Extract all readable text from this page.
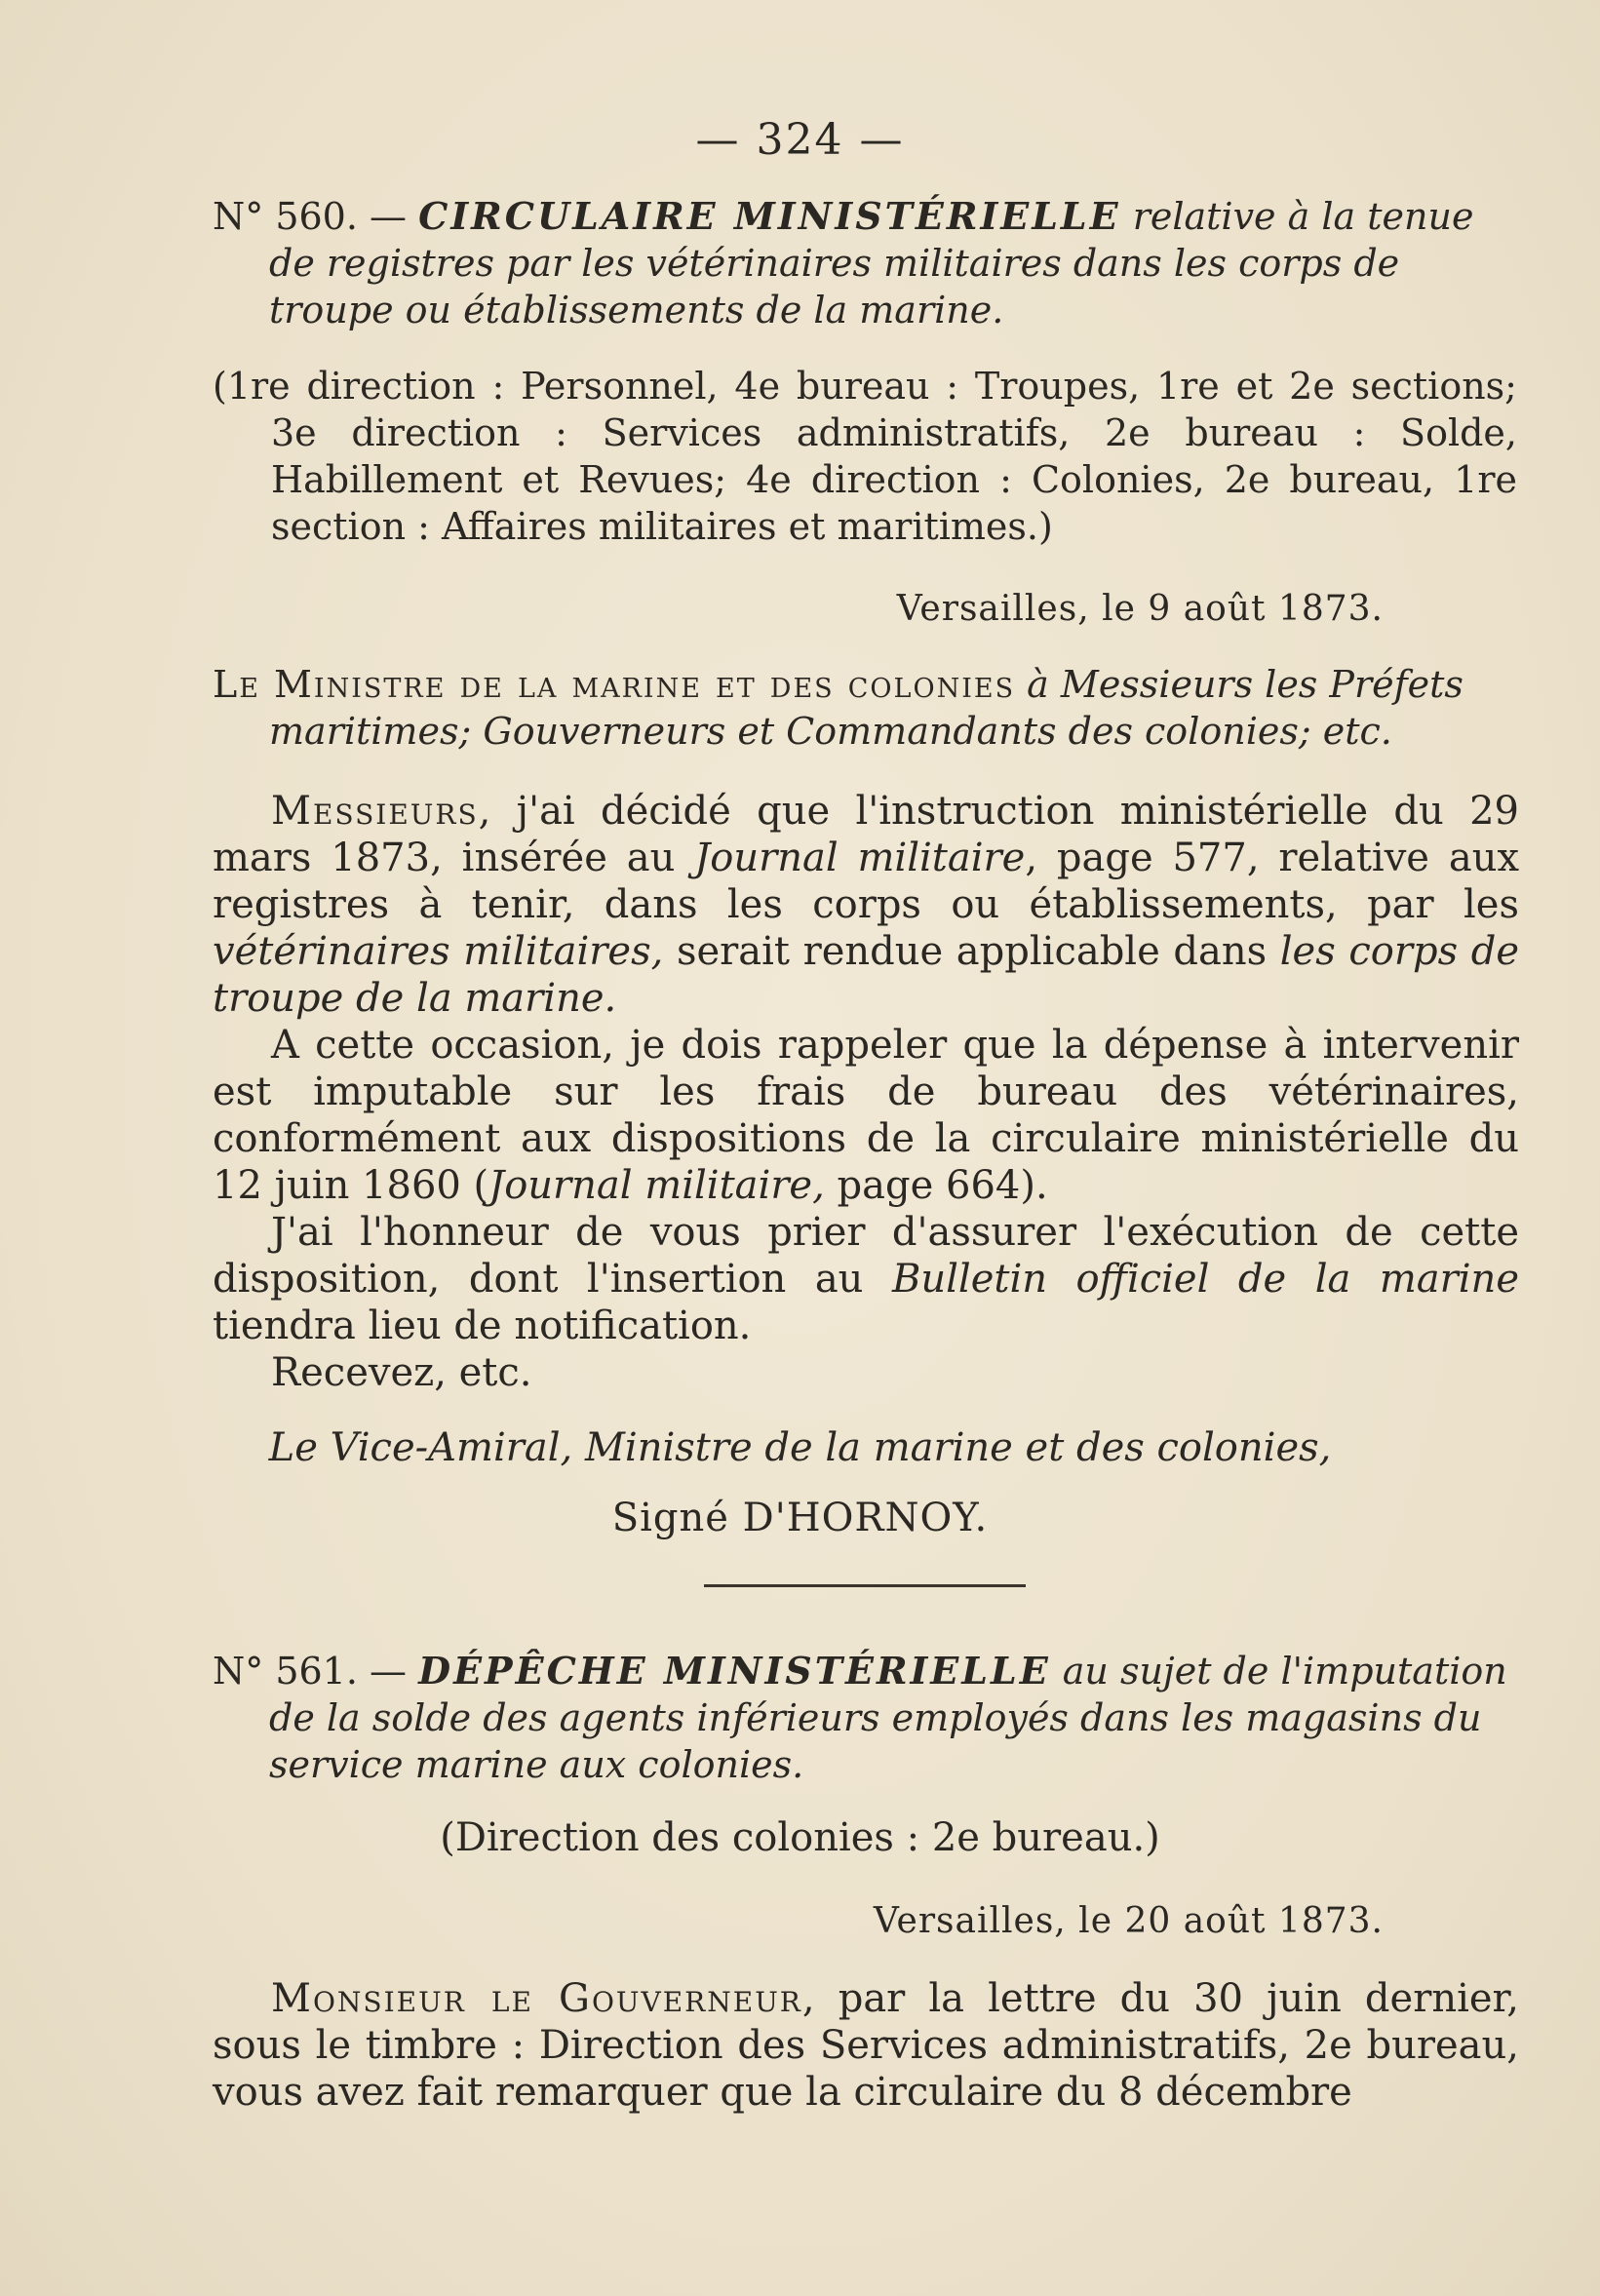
— 324 —
N° 560. — CIRCULAIRE MINISTÉRIELLE relative à la tenue de registres par les vétérinaires militaires dans les corps de troupe ou établissements de la marine.
(1re direction : Personnel, 4e bureau : Troupes, 1re et 2e sections; 3e direction : Services administratifs, 2e bureau : Solde, Habillement et Revues; 4e direction : Colonies, 2e bureau, 1re section : Affaires militaires et maritimes.)
Versailles, le 9 août 1873.
Le Ministre de la marine et des colonies à Messieurs les Préfets maritimes; Gouverneurs et Commandants des colonies; etc.

Messieurs, j'ai décidé que l'instruction ministérielle du 29 mars 1873, insérée au Journal militaire, page 577, relative aux registres à tenir, dans les corps ou établissements, par les vétérinaires militaires, serait rendue applicable dans les corps de troupe de la marine.

A cette occasion, je dois rappeler que la dépense à intervenir est imputable sur les frais de bureau des vétérinaires, conformément aux dispositions de la circulaire ministérielle du 12 juin 1860 (Journal militaire, page 664).

J'ai l'honneur de vous prier d'assurer l'exécution de cette disposition, dont l'insertion au Bulletin officiel de la marine tiendra lieu de notification.

Recevez, etc.

Le Vice-Amiral, Ministre de la marine et des colonies,
Signé D'HORNOY.
N° 561. — DÉPÊCHE MINISTÉRIELLE au sujet de l'imputation de la solde des agents inférieurs employés dans les magasins du service marine aux colonies.
(Direction des colonies : 2e bureau.)
Versailles, le 20 août 1873.

Monsieur le Gouverneur, par la lettre du 30 juin dernier, sous le timbre : Direction des Services administratifs, 2e bureau, vous avez fait remarquer que la circulaire du 8 décembre
